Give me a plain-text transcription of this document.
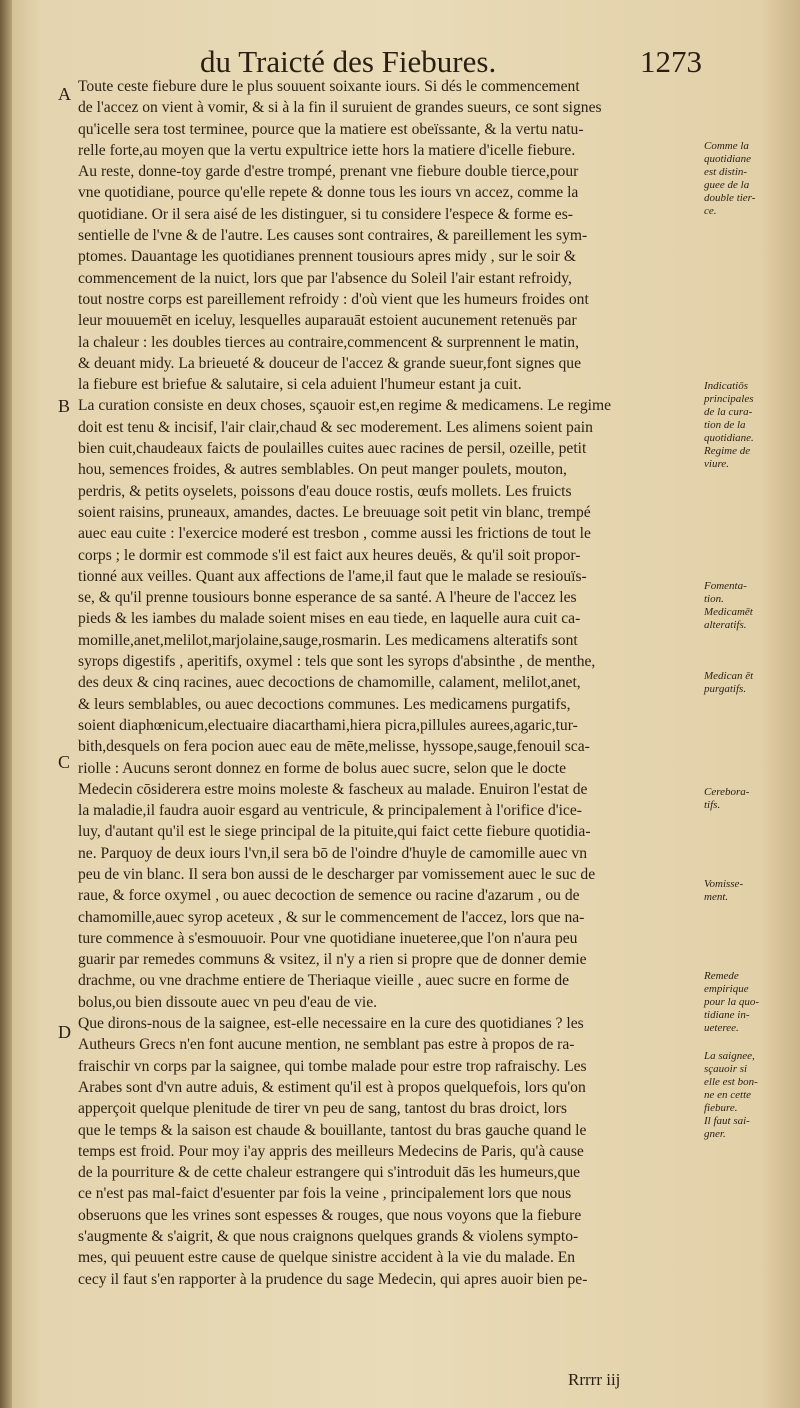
du Traicté des Fiebures.	1273
A
B
C
D
Toute ceste fiebure dure le plus souuent soixante iours. Si dés le commencement
de l'accez on vient à vomir, & si à la fin il suruient de grandes sueurs, ce sont signes
qu'icelle sera tost terminee, pource que la matiere est obeïssante, & la vertu natu-
relle forte,au moyen que la vertu expultrice iette hors la matiere d'icelle fiebure.
Au reste, donne-toy garde d'estre trompé, prenant vne fiebure double tierce,pour
vne quotidiane, pource qu'elle repete & donne tous les iours vn accez, comme la
quotidiane. Or il sera aisé de les distinguer, si tu considere l'espece & forme es-
sentielle de l'vne & de l'autre. Les causes sont contraires, & pareillement les sym-
ptomes. Dauantage les quotidianes prennent tousiours apres midy , sur le soir &
commencement de la nuict, lors que par l'absence du Soleil l'air estant refroidy,
tout nostre corps est pareillement refroidy : d'où vient que les humeurs froides ont
leur mouuemēt en iceluy, lesquelles auparauāt estoient aucunement retenuës par
la chaleur : les doubles tierces au contraire,commencent & surprennent le matin,
& deuant midy. La brieueté & douceur de l'accez & grande sueur,font signes que
la fiebure est briefue & salutaire, si cela aduient l'humeur estant ja cuit.
La curation consiste en deux choses, sçauoir est,en regime & medicamens. Le regime
doit est tenu & incisif, l'air clair,chaud & sec moderement. Les alimens soient pain
bien cuit,chaudeaux faicts de poulailles cuites auec racines de persil, ozeille, petit
hou, semences froides, & autres semblables. On peut manger poulets, mouton,
perdris, & petits oyselets, poissons d'eau douce rostis, œufs mollets. Les fruicts
soient raisins, pruneaux, amandes, dactes. Le breuuage soit petit vin blanc, trempé
auec eau cuite : l'exercice moderé est tresbon , comme aussi les frictions de tout le
corps ; le dormir est commode s'il est faict aux heures deuës, & qu'il soit propor-
tionné aux veilles. Quant aux affections de l'ame,il faut que le malade se resiouïs-
se, & qu'il prenne tousiours bonne esperance de sa santé. A l'heure de l'accez les
pieds & les iambes du malade soient mises en eau tiede, en laquelle aura cuit ca-
momille,anet,melilot,marjolaine,sauge,rosmarin. Les medicamens alteratifs sont
syrops digestifs , aperitifs, oxymel : tels que sont les syrops d'absinthe , de menthe,
des deux & cinq racines, auec decoctions de chamomille, calament, melilot,anet,
& leurs semblables, ou auec decoctions communes. Les medicamens purgatifs,
soient diaphœnicum,electuaire diacarthami,hiera picra,pillules aurees,agaric,tur-
bith,desquels on fera pocion auec eau de mēte,melisse, hyssope,sauge,fenouil sca-
riolle : Aucuns seront donnez en forme de bolus auec sucre, selon que le docte
Medecin cōsiderera estre moins moleste & fascheux au malade. Enuiron l'estat de
la maladie,il faudra auoir esgard au ventricule, & principalement à l'orifice d'ice-
luy, d'autant qu'il est le siege principal de la pituite,qui faict cette fiebure quotidia-
ne. Parquoy de deux iours l'vn,il sera bō de l'oindre d'huyle de camomille auec vn
peu de vin blanc. Il sera bon aussi de le descharger par vomissement auec le suc de
raue, & force oxymel , ou auec decoction de semence ou racine d'azarum , ou de
chamomille,auec syrop aceteux , & sur le commencement de l'accez, lors que na-
ture commence à s'esmouuoir. Pour vne quotidiane inueteree,que l'on n'aura peu
guarir par remedes communs & vsitez, il n'y a rien si propre que de donner demie
drachme, ou vne drachme entiere de Theriaque vieille , auec sucre en forme de
bolus,ou bien dissoute auec vn peu d'eau de vie.
Que dirons-nous de la saignee, est-elle necessaire en la cure des quotidianes ? les
Autheurs Grecs n'en font aucune mention, ne semblant pas estre à propos de ra-
fraischir vn corps par la saignee, qui tombe malade pour estre trop rafraischy. Les
Arabes sont d'vn autre aduis, & estiment qu'il est à propos quelquefois, lors qu'on
apperçoit quelque plenitude de tirer vn peu de sang, tantost du bras droict, lors
que le temps & la saison est chaude & bouillante, tantost du bras gauche quand le
temps est froid. Pour moy i'ay appris des meilleurs Medecins de Paris, qu'à cause
de la pourriture & de cette chaleur estrangere qui s'introduit dās les humeurs,que
ce n'est pas mal-faict d'esuenter par fois la veine , principalement lors que nous
obseruons que les vrines sont espesses & rouges, que nous voyons que la fiebure
s'augmente & s'aigrit, & que nous craignons quelques grands & violens sympto-
mes, qui peuuent estre cause de quelque sinistre accident à la vie du malade. En
cecy il faut s'en rapporter à la prudence du sage Medecin, qui apres auoir bien pe-
Comme la
quotidiane
est distin-
guee de la
double tier-
ce.
Indicatiōs
principales
de la cura-
tion de la
quotidiane.
Regime de
viure.
Fomenta-
tion.
Medicamēt
alteratifs.
Medican ēt
purgatifs.
Cerebora-
tifs.
Vomisse-
ment.
Remede
empirique
pour la quo-
tidiane in-
ueteree.
La saignee,
sçauoir si
elle est bon-
ne en cette
fiebure.
Il faut sai-
gner.
Rrrrr iij
